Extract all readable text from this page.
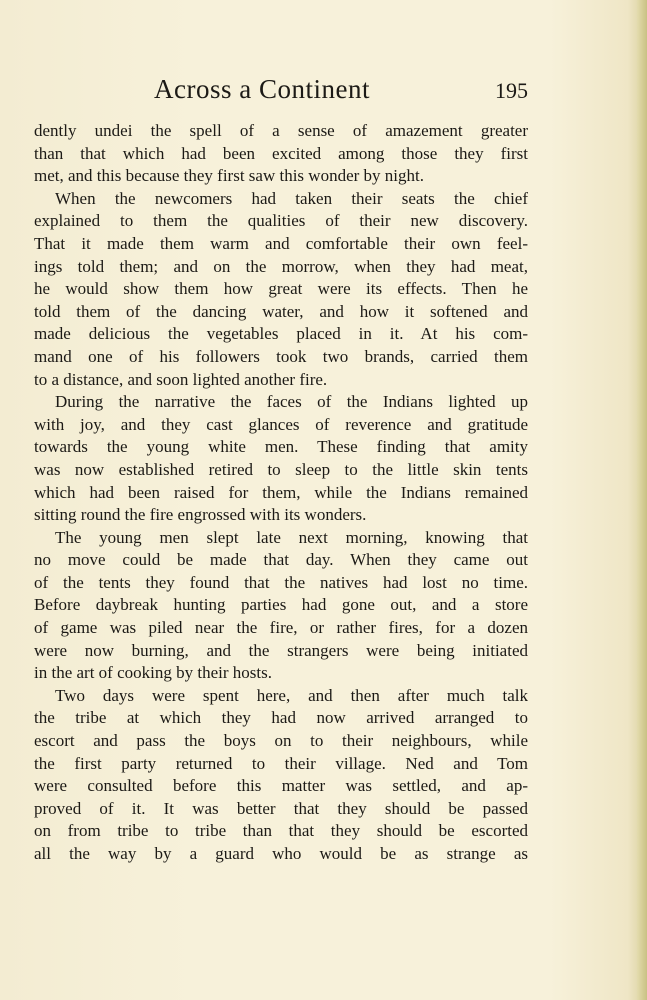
Across a Continent	195
dently undei the spell of a sense of amazement greater
than that which had been excited among those they first
met, and this because they first saw this wonder by night.
When the newcomers had taken their seats the chief
explained to them the qualities of their new discovery.
That it made them warm and comfortable their own feel-
ings told them; and on the morrow, when they had meat,
he would show them how great were its effects. Then he
told them of the dancing water, and how it softened and
made delicious the vegetables placed in it. At his com-
mand one of his followers took two brands, carried them
to a distance, and soon lighted another fire.
During the narrative the faces of the Indians lighted up
with joy, and they cast glances of reverence and gratitude
towards the young white men. These finding that amity
was now established retired to sleep to the little skin tents
which had been raised for them, while the Indians remained
sitting round the fire engrossed with its wonders.
The young men slept late next morning, knowing that
no move could be made that day. When they came out
of the tents they found that the natives had lost no time.
Before daybreak hunting parties had gone out, and a store
of game was piled near the fire, or rather fires, for a dozen
were now burning, and the strangers were being initiated
in the art of cooking by their hosts.
Two days were spent here, and then after much talk
the tribe at which they had now arrived arranged to
escort and pass the boys on to their neighbours, while
the first party returned to their village. Ned and Tom
were consulted before this matter was settled, and ap-
proved of it. It was better that they should be passed
on from tribe to tribe than that they should be escorted
all the way by a guard who would be as strange as
